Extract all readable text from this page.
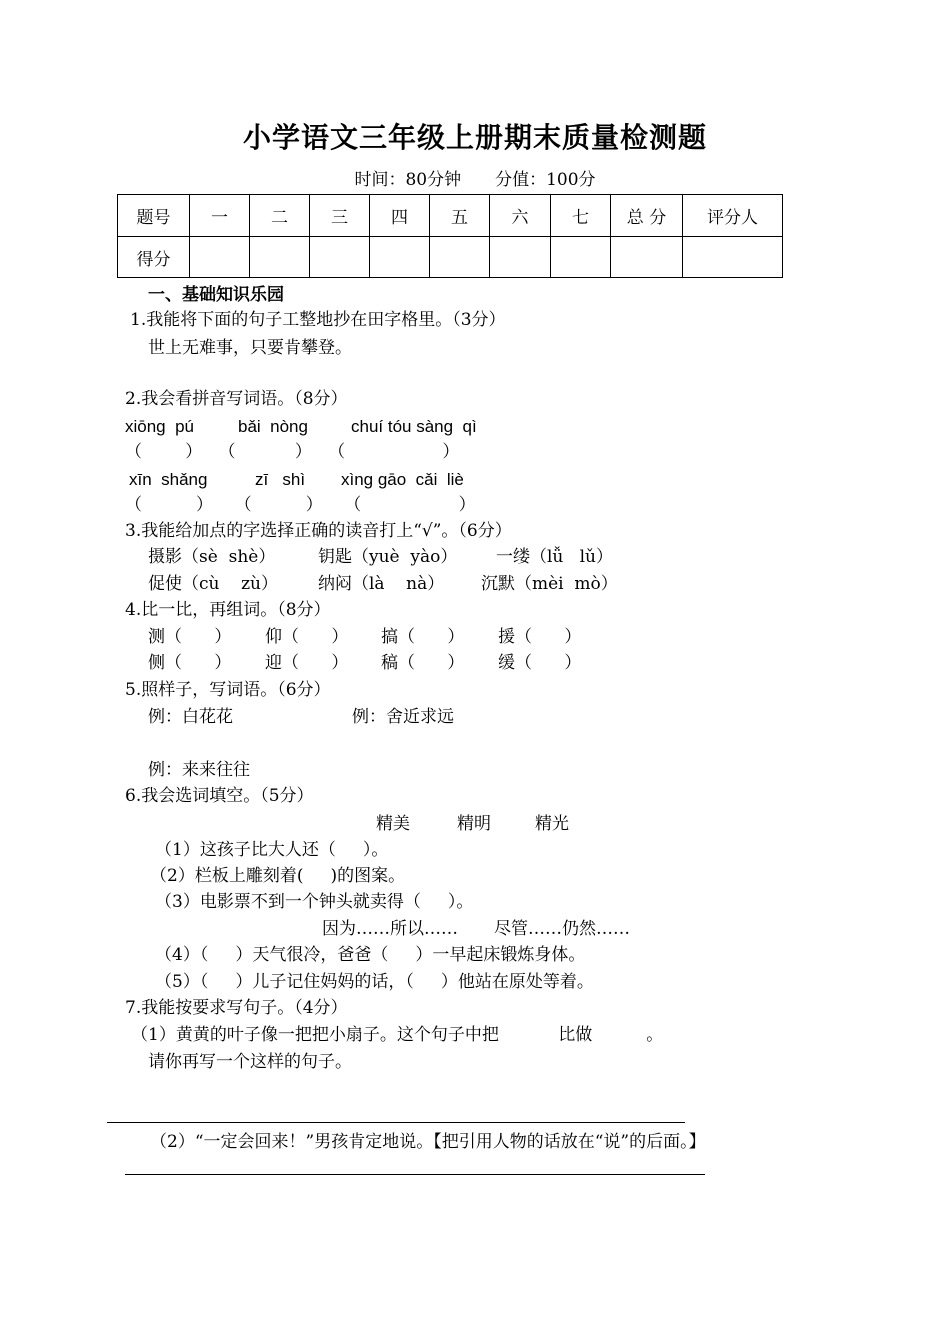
小学语文三年级上册期末质量检测题
时间：80分钟　　分值：100分
题号	一	二	三	四	五	六	七	总 分	评分人
得分									
一、基础知识乐园
1.我能将下面的句子工整地抄在田字格里。（3分）
世上无难事，只要肯攀登。
2.我会看拼音写词语。（8分）
xiōnɡ  pú	bǎi  nònɡ	chuí tóu sànɡ  qì
（        ）   （           ）   （                  ）
xīn  shǎnɡ	zī   shì xìnɡ ɡāo  cǎi  liè
（          ）    （          ）    （                  ）
3.我能给加点的字选择正确的读音打上“√”。（6分）
摄影（sè  shè）	钥匙（yuè  yào） 一缕（lǚ   lǔ）
促使（cù    zù） 纳闷（là    nà） 沉默（mèi  mò）
4.比一比，再组词。（8分）
测（      ） 仰（      ） 搞（      ） 援（      ）
侧（      ） 迎（      ） 稿（      ） 缓（      ）
5.照样子，写词语。（6分）
例：白花花	例：舍近求远
例：来来往往
6.我会选词填空。（5分）
精美	精明	精光
（1）这孩子比大人还（     ）。
（2）栏板上雕刻着(     )的图案。
（3）电影票不到一个钟头就卖得（     ）。
因为……所以…… 尽管……仍然……
（4）（     ）天气很冷，爸爸（     ）一早起床锻炼身体。
（5）（     ）儿子记住妈妈的话，（     ）他站在原处等着。
7.我能按要求写句子。（4分）
（1）黄黄的叶子像一把把小扇子。这个句子中把           比做          。
请你再写一个这样的句子。
（2）“一定会回来！”男孩肯定地说。【把引用人物的话放在“说”的后面。】
